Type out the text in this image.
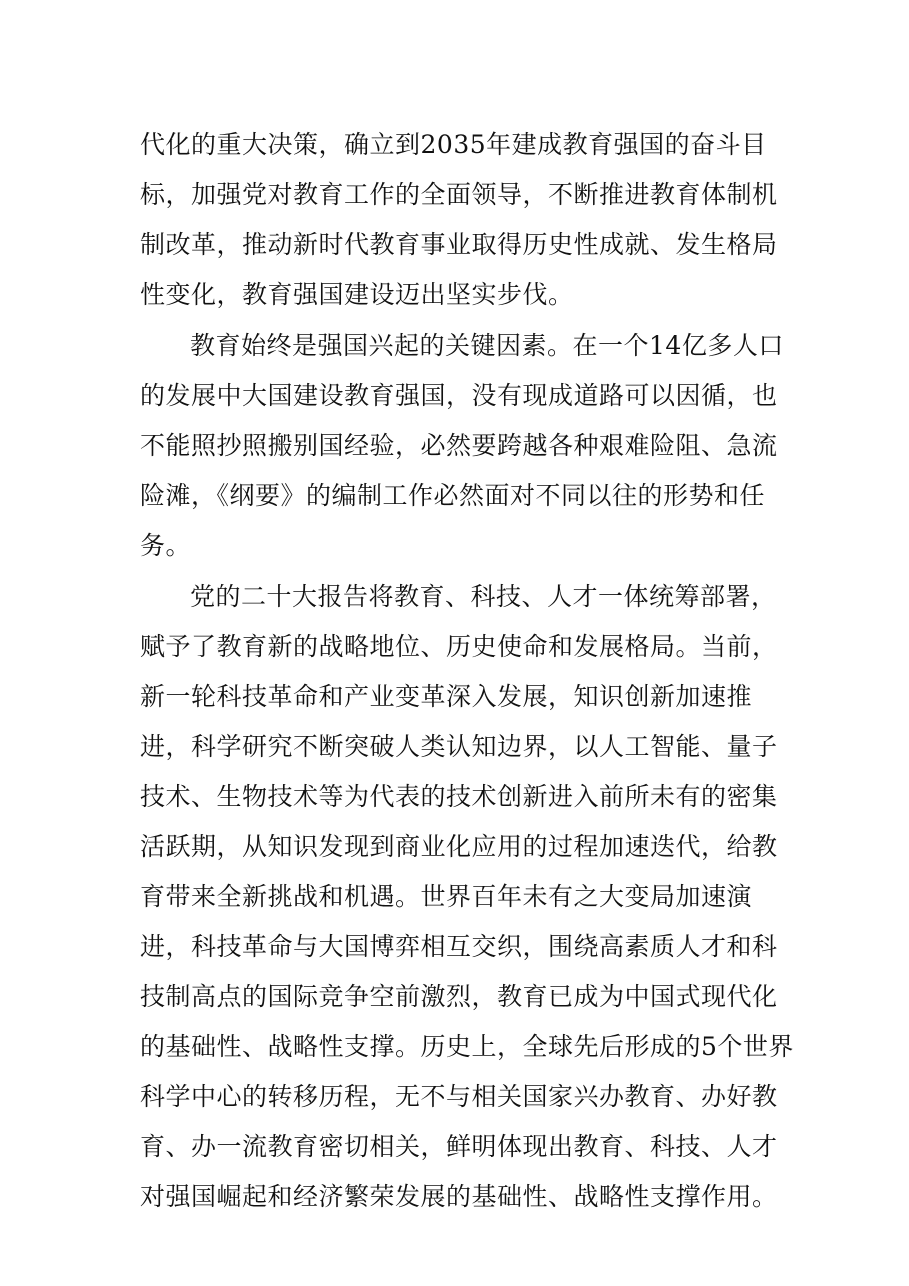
代化的重大决策，确立到2035年建成教育强国的奋斗目
标，加强党对教育工作的全面领导，不断推进教育体制机
制改革，推动新时代教育事业取得历史性成就、发生格局
性变化，教育强国建设迈出坚实步伐。
教育始终是强国兴起的关键因素。在一个14亿多人口
的发展中大国建设教育强国，没有现成道路可以因循，也
不能照抄照搬别国经验，必然要跨越各种艰难险阻、急流
险滩，《纲要》的编制工作必然面对不同以往的形势和任
务。
党的二十大报告将教育、科技、人才一体统筹部署，
赋予了教育新的战略地位、历史使命和发展格局。当前，
新一轮科技革命和产业变革深入发展，知识创新加速推
进，科学研究不断突破人类认知边界，以人工智能、量子
技术、生物技术等为代表的技术创新进入前所未有的密集
活跃期，从知识发现到商业化应用的过程加速迭代，给教
育带来全新挑战和机遇。世界百年未有之大变局加速演
进，科技革命与大国博弈相互交织，围绕高素质人才和科
技制高点的国际竞争空前激烈，教育已成为中国式现代化
的基础性、战略性支撑。历史上，全球先后形成的5个世界
科学中心的转移历程，无不与相关国家兴办教育、办好教
育、办一流教育密切相关，鲜明体现出教育、科技、人才
对强国崛起和经济繁荣发展的基础性、战略性支撑作用。
